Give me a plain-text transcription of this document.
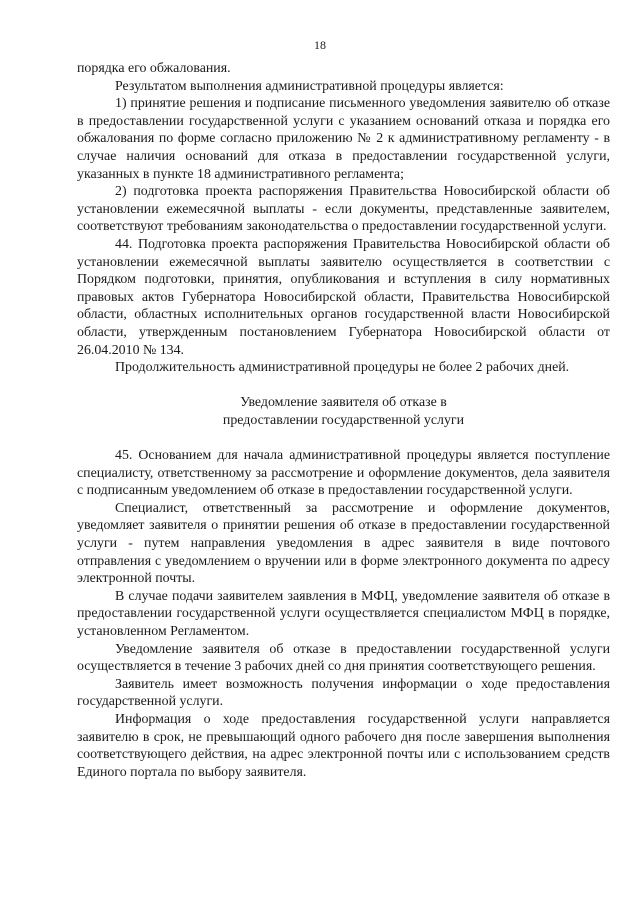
18

порядка его обжалования.

Результатом выполнения административной процедуры является:

1) принятие решения и подписание письменного уведомления заявителю об отказе в предоставлении государственной услуги с указанием оснований отказа и порядка его обжалования по форме согласно приложению № 2 к административному регламенту - в случае наличия оснований для отказа в предоставлении государственной услуги, указанных в пункте 18 административного регламента;

2) подготовка проекта распоряжения Правительства Новосибирской области об установлении ежемесячной выплаты - если документы, представленные заявителем, соответствуют требованиям законодательства о предоставлении государственной услуги.

44. Подготовка проекта распоряжения Правительства Новосибирской области об установлении ежемесячной выплаты заявителю осуществляется в соответствии с Порядком подготовки, принятия, опубликования и вступления в силу нормативных правовых актов Губернатора Новосибирской области, Правительства Новосибирской области, областных исполнительных органов государственной власти Новосибирской области, утвержденным постановлением Губернатора Новосибирской области от 26.04.2010 № 134.

Продолжительность административной процедуры не более 2 рабочих дней.

Уведомление заявителя об отказе в

предоставлении государственной услуги

45. Основанием для начала административной процедуры является поступление специалисту, ответственному за рассмотрение и оформление документов, дела заявителя с подписанным уведомлением об отказе в предоставлении государственной услуги.

Специалист, ответственный за рассмотрение и оформление документов, уведомляет заявителя о принятии решения об отказе в предоставлении государственной услуги - путем направления уведомления в адрес заявителя в виде почтового отправления с уведомлением о вручении или в форме электронного документа по адресу электронной почты.

В случае подачи заявителем заявления в МФЦ, уведомление заявителя об отказе в предоставлении государственной услуги осуществляется специалистом МФЦ в порядке, установленном Регламентом.

Уведомление заявителя об отказе в предоставлении государственной услуги осуществляется в течение 3 рабочих дней со дня принятия соответствующего решения.

Заявитель имеет возможность получения информации о ходе предоставления государственной услуги.

Информация о ходе предоставления государственной услуги направляется заявителю в срок, не превышающий одного рабочего дня после завершения выполнения соответствующего действия, на адрес электронной почты или с использованием средств Единого портала по выбору заявителя.
